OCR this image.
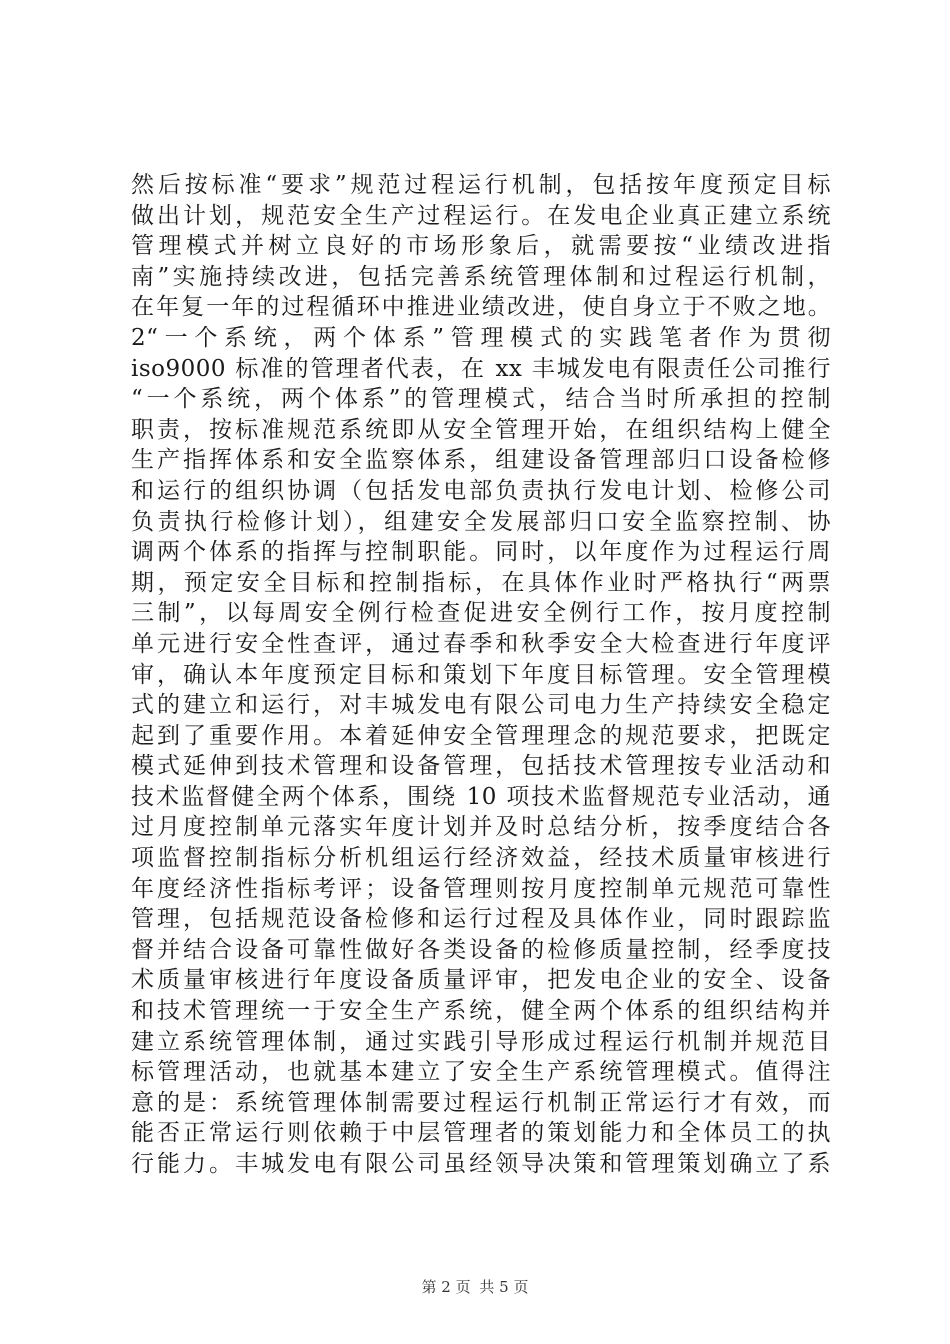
然后按标准“要求”规范过程运行机制，包括按年度预定目标
做出计划，规范安全生产过程运行。在发电企业真正建立系统
管理模式并树立良好的市场形象后，就需要按“业绩改进指
南”实施持续改进，包括完善系统管理体制和过程运行机制，
在年复一年的过程循环中推进业绩改进，使自身立于不败之地。
2“一个系统，两个体系”管理模式的实践笔者作为贯彻
iso9000 标准的管理者代表，在 xx 丰城发电有限责任公司推行
“一个系统，两个体系”的管理模式，结合当时所承担的控制
职责，按标准规范系统即从安全管理开始，在组织结构上健全
生产指挥体系和安全监察体系，组建设备管理部归口设备检修
和运行的组织协调（包括发电部负责执行发电计划、检修公司
负责执行检修计划），组建安全发展部归口安全监察控制、协
调两个体系的指挥与控制职能。同时，以年度作为过程运行周
期，预定安全目标和控制指标，在具体作业时严格执行“两票
三制”，以每周安全例行检查促进安全例行工作，按月度控制
单元进行安全性查评，通过春季和秋季安全大检查进行年度评
审，确认本年度预定目标和策划下年度目标管理。安全管理模
式的建立和运行，对丰城发电有限公司电力生产持续安全稳定
起到了重要作用。本着延伸安全管理理念的规范要求，把既定
模式延伸到技术管理和设备管理，包括技术管理按专业活动和
技术监督健全两个体系，围绕 10 项技术监督规范专业活动，通
过月度控制单元落实年度计划并及时总结分析，按季度结合各
项监督控制指标分析机组运行经济效益，经技术质量审核进行
年度经济性指标考评；设备管理则按月度控制单元规范可靠性
管理，包括规范设备检修和运行过程及具体作业，同时跟踪监
督并结合设备可靠性做好各类设备的检修质量控制，经季度技
术质量审核进行年度设备质量评审，把发电企业的安全、设备
和技术管理统一于安全生产系统，健全两个体系的组织结构并
建立系统管理体制，通过实践引导形成过程运行机制并规范目
标管理活动，也就基本建立了安全生产系统管理模式。值得注
意的是：系统管理体制需要过程运行机制正常运行才有效，而
能否正常运行则依赖于中层管理者的策划能力和全体员工的执
行能力。丰城发电有限公司虽经领导决策和管理策划确立了系
第 2 页 共 5 页
